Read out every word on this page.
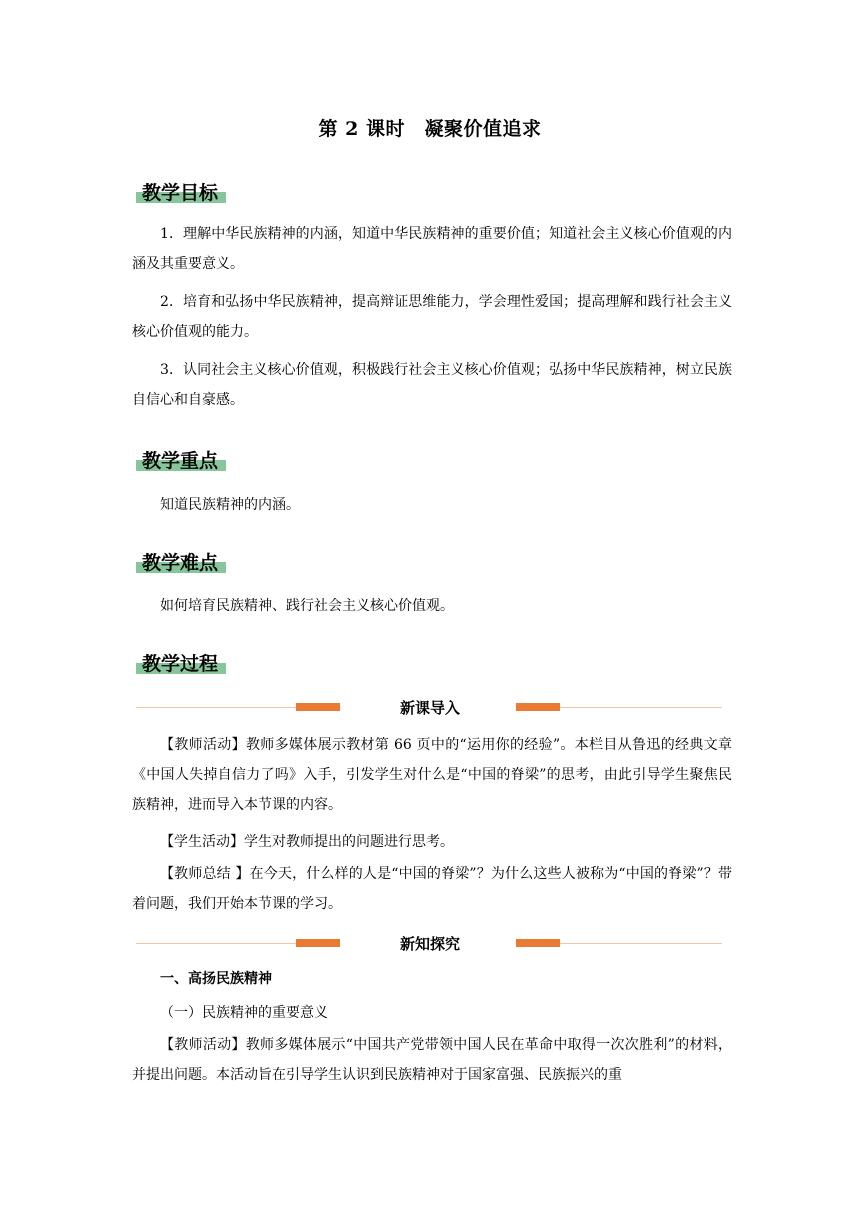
第 2 课时　凝聚价值追求
教学目标

1．理解中华民族精神的内涵，知道中华民族精神的重要价值；知道社会主义核心价值观的内涵及其重要意义。

2．培育和弘扬中华民族精神，提高辩证思维能力，学会理性爱国；提高理解和践行社会主义核心价值观的能力。

3．认同社会主义核心价值观，积极践行社会主义核心价值观；弘扬中华民族精神，树立民族自信心和自豪感。

教学重点

知道民族精神的内涵。

教学难点

如何培育民族精神、践行社会主义核心价值观。

教学过程
新课导入

【教师活动】教师多媒体展示教材第 66 页中的“运用你的经验”。本栏目从鲁迅的经典文章《中国人失掉自信力了吗》入手，引发学生对什么是“中国的脊梁”的思考，由此引导学生聚焦民族精神，进而导入本节课的内容。

【学生活动】学生对教师提出的问题进行思考。

【教师总结 】在今天，什么样的人是“中国的脊梁”？为什么这些人被称为“中国的脊梁”？带着问题，我们开始本节课的学习。

新知探究
一、高扬民族精神
（一）民族精神的重要意义

【教师活动】教师多媒体展示“中国共产党带领中国人民在革命中取得一次次胜利”的材料，并提出问题。本活动旨在引导学生认识到民族精神对于国家富强、民族振兴的重
